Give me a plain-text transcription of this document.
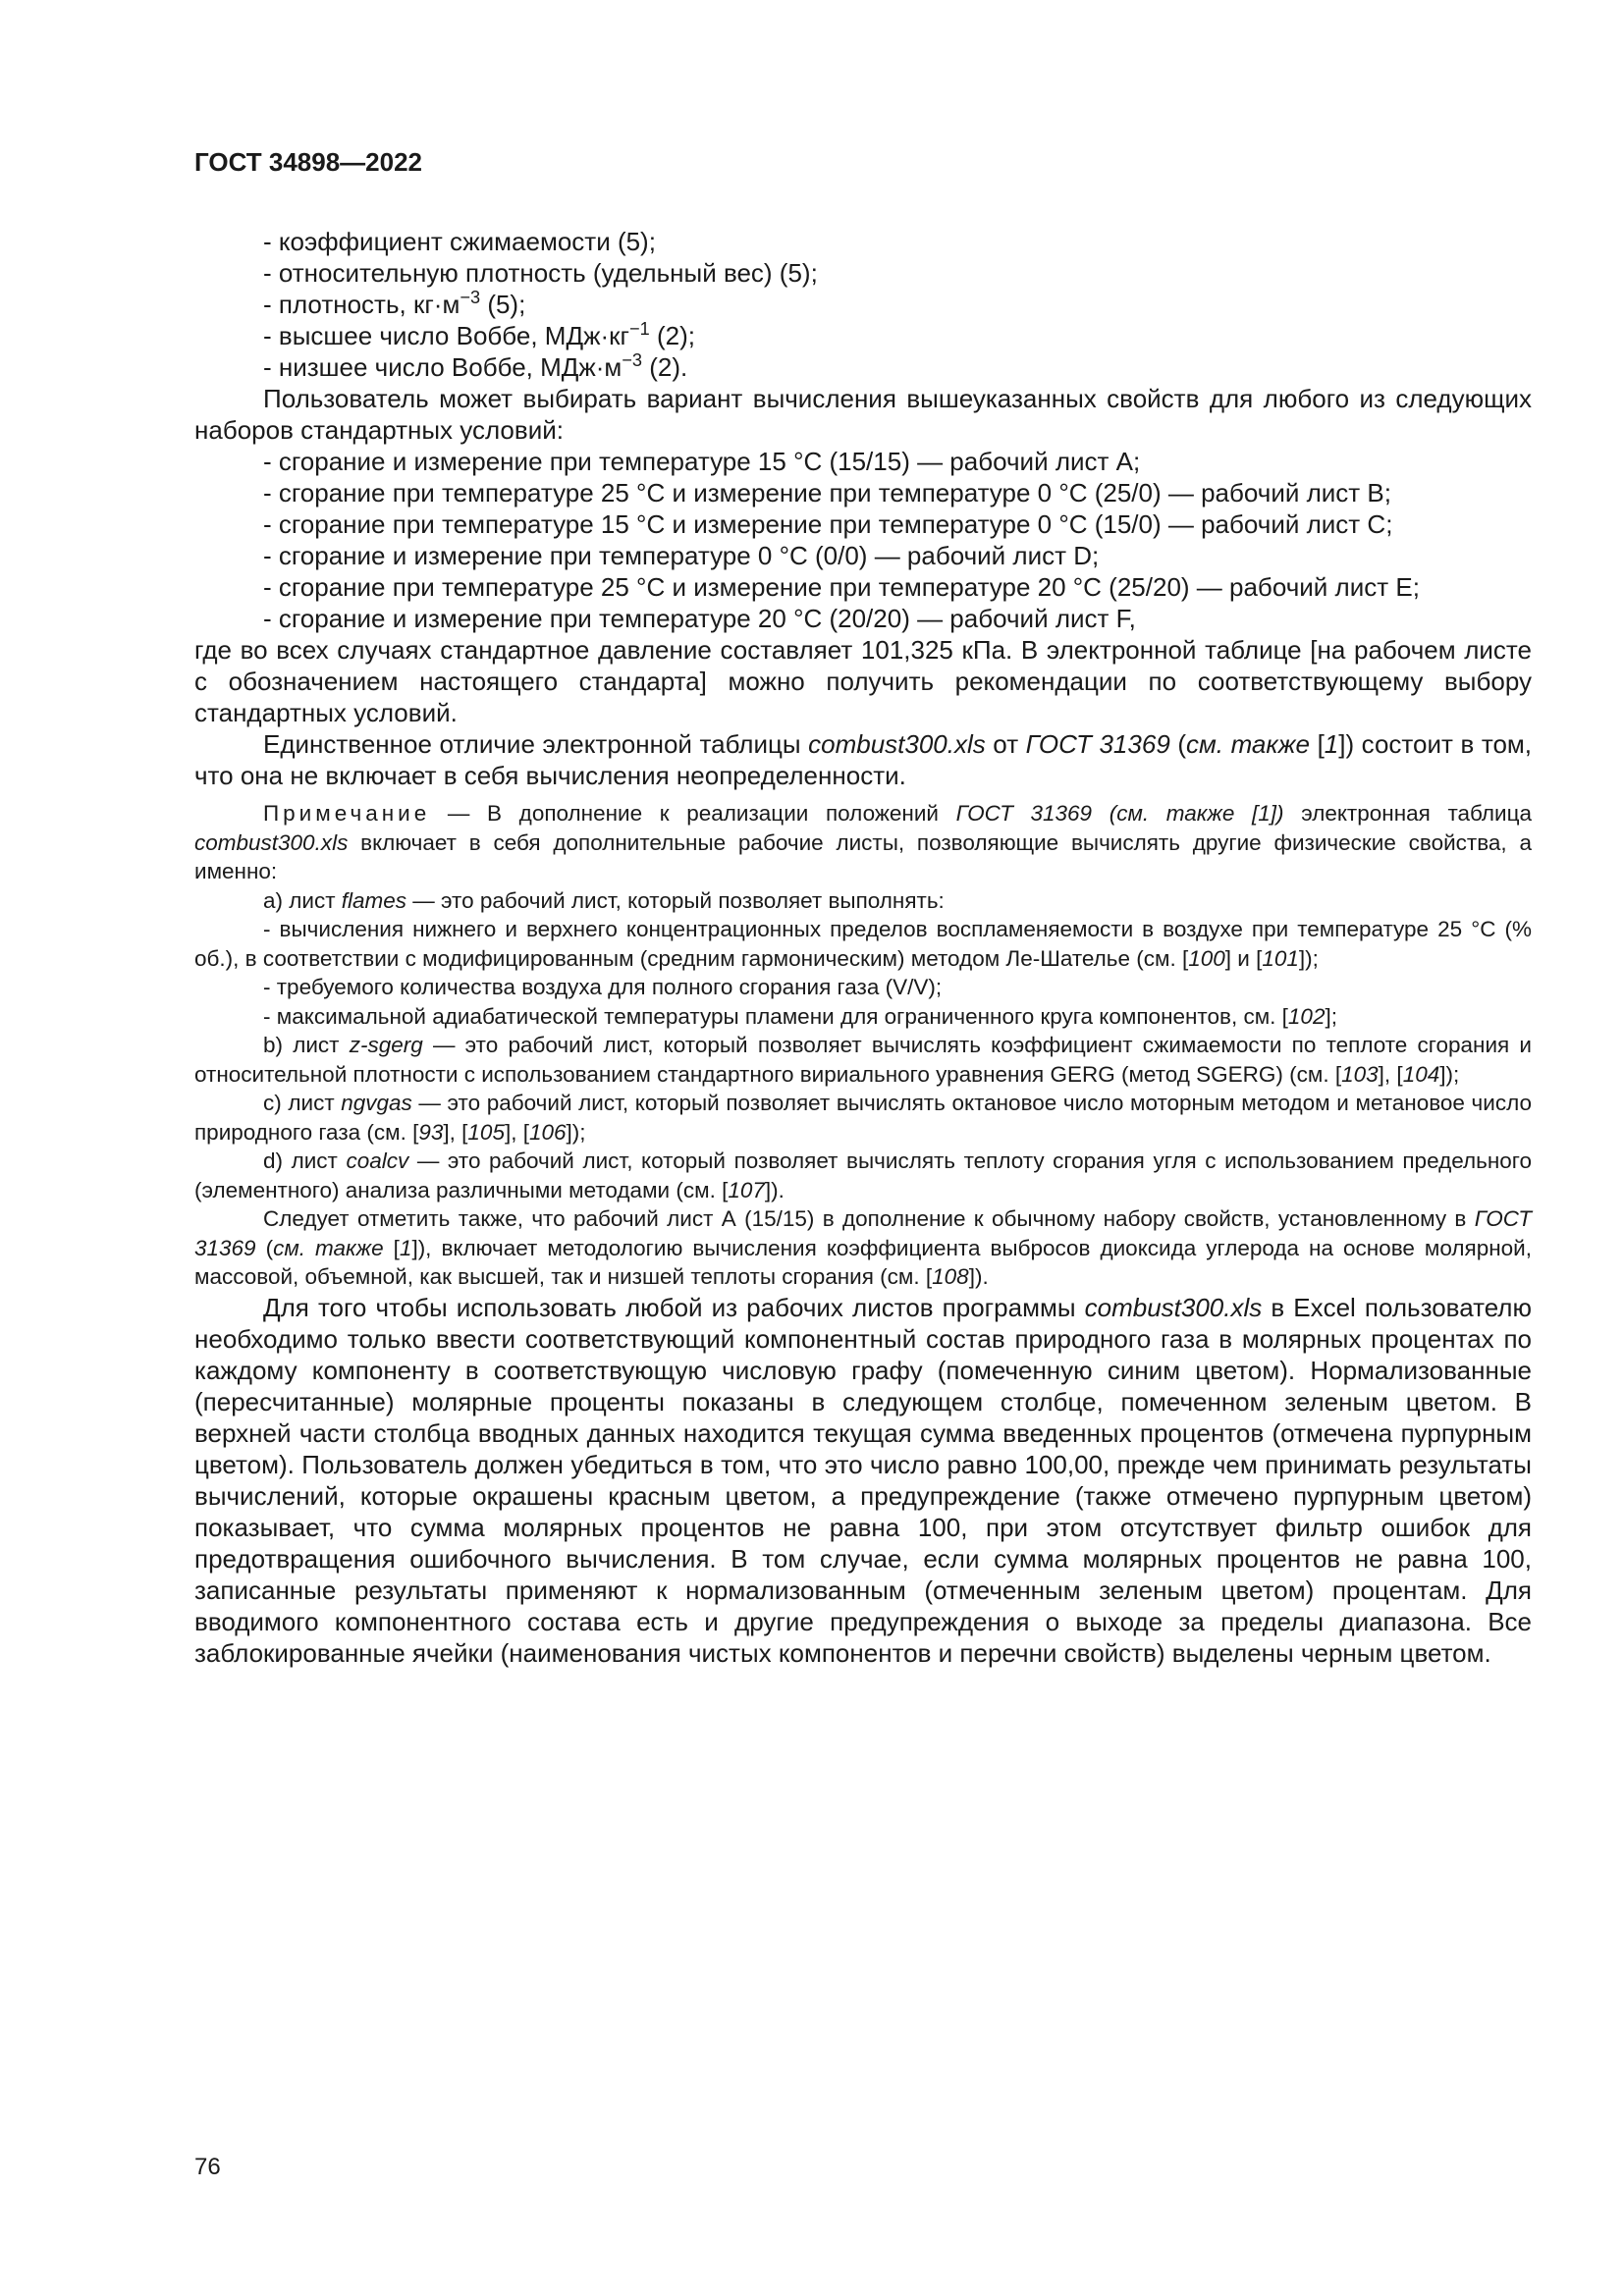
ГОСТ 34898—2022

- коэффициент сжимаемости (5);

- относительную плотность (удельный вес) (5);

- плотность, $кг\cdot м^{-3}$ (5);

- высшее число Воббе, $МДж\cdot кг^{-1}$ (2);

- низшее число Воббе, $МДж\cdot м^{-3}$ (2).

Пользователь может выбирать вариант вычисления вышеуказанных свойств для любого из следующих наборов стандартных условий:

- сгорание и измерение при температуре 15 °С (15/15) — рабочий лист А;

- сгорание при температуре 25 °С и измерение при температуре 0 °С (25/0) — рабочий лист В;

- сгорание при температуре 15 °С и измерение при температуре 0 °С (15/0) — рабочий лист С;

- сгорание и измерение при температуре 0 °С (0/0) — рабочий лист D;

- сгорание при температуре 25 °С и измерение при температуре 20 °С (25/20) — рабочий лист Е;

- сгорание и измерение при температуре 20 °С (20/20) — рабочий лист F,

где во всех случаях стандартное давление составляет 101,325 кПа. В электронной таблице [на рабочем листе с обозначением настоящего стандарта] можно получить рекомендации по соответствующему выбору стандартных условий.

Единственное отличие электронной таблицы combust300.xls от ГОСТ 31369 (см. также [1]) состоит в том, что она не включает в себя вычисления неопределенности.

Примечание — В дополнение к реализации положений ГОСТ 31369 (см. также [1]) электронная таблица combust300.xls включает в себя дополнительные рабочие листы, позволяющие вычислять другие физические свойства, а именно:

a) лист flames — это рабочий лист, который позволяет выполнять:

- вычисления нижнего и верхнего концентрационных пределов воспламеняемости в воздухе при температуре 25 °С (% об.), в соответствии с модифицированным (средним гармоническим) методом Ле-Шателье (см. [100] и [101]);

- требуемого количества воздуха для полного сгорания газа (V/V);

- максимальной адиабатической температуры пламени для ограниченного круга компонентов, см. [102];

b) лист z-sgerg — это рабочий лист, который позволяет вычислять коэффициент сжимаемости по теплоте сгорания и относительной плотности с использованием стандартного вириального уравнения GERG (метод SGERG) (см. [103], [104]);

c) лист ngvgas — это рабочий лист, который позволяет вычислять октановое число моторным методом и метановое число природного газа (см. [93], [105], [106]);

d) лист coalcv — это рабочий лист, который позволяет вычислять теплоту сгорания угля с использованием предельного (элементного) анализа различными методами (см. [107]).

Следует отметить также, что рабочий лист А (15/15) в дополнение к обычному набору свойств, установленному в ГОСТ 31369 (см. также [1]), включает методологию вычисления коэффициента выбросов диоксида углерода на основе молярной, массовой, объемной, как высшей, так и низшей теплоты сгорания (см. [108]).

Для того чтобы использовать любой из рабочих листов программы combust300.xls в Excel пользователю необходимо только ввести соответствующий компонентный состав природного газа в молярных процентах по каждому компоненту в соответствующую числовую графу (помеченную синим цветом). Нормализованные (пересчитанные) молярные проценты показаны в следующем столбце, помеченном зеленым цветом. В верхней части столбца вводных данных находится текущая сумма введенных процентов (отмечена пурпурным цветом). Пользователь должен убедиться в том, что это число равно 100,00, прежде чем принимать результаты вычислений, которые окрашены красным цветом, а предупреждение (также отмечено пурпурным цветом) показывает, что сумма молярных процентов не равна 100, при этом отсутствует фильтр ошибок для предотвращения ошибочного вычисления. В том случае, если сумма молярных процентов не равна 100, записанные результаты применяют к нормализованным (отмеченным зеленым цветом) процентам. Для вводимого компонентного состава есть и другие предупреждения о выходе за пределы диапазона. Все заблокированные ячейки (наименования чистых компонентов и перечни свойств) выделены черным цветом.

76
